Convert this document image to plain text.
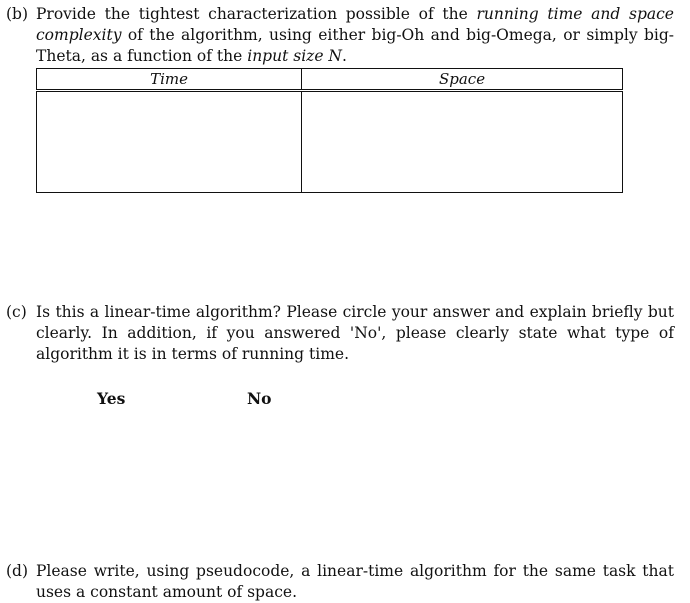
(b) Provide the tightest characterization possible of the running time and space complexity of the algorithm, using either big-Oh and big-Omega, or simply big-Theta, as a function of the input size N.

Time	Space

(c) Is this a linear-time algorithm? Please circle your answer and explain briefly but clearly. In addition, if you answered 'No', please clearly state what type of algorithm it is in terms of running time.

Yes	No
(d) Please write, using pseudocode, a linear-time algorithm for the same task that uses a constant amount of space.
